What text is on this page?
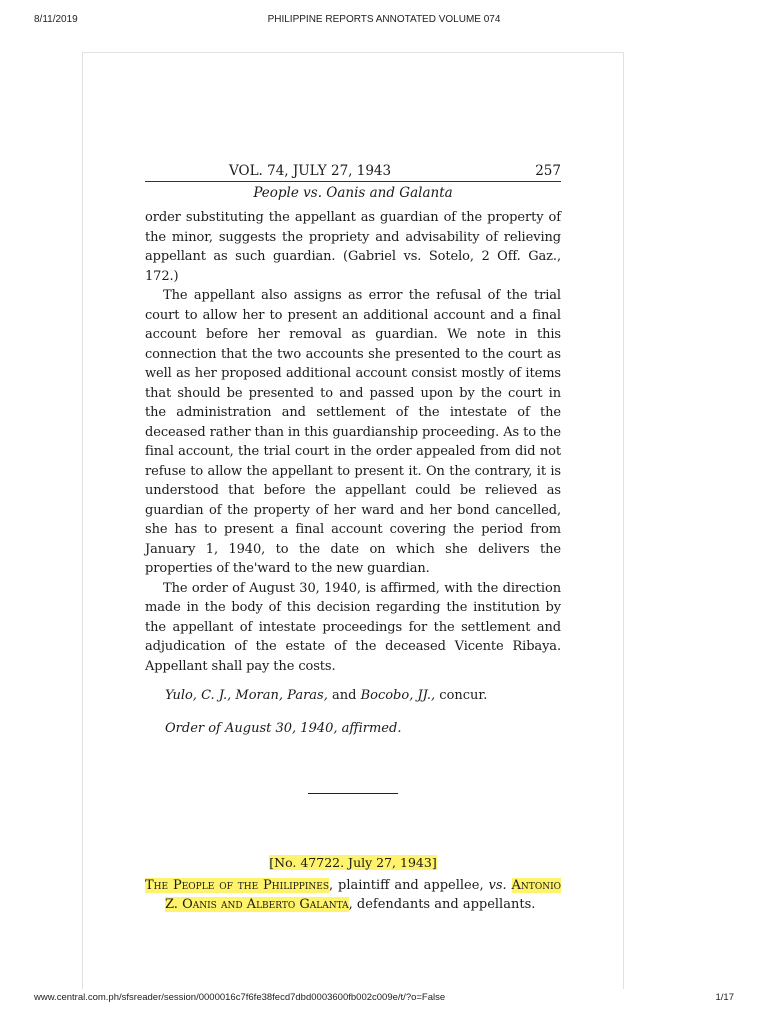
8/11/2019	PHILIPPINE REPORTS ANNOTATED VOLUME 074
VOL. 74, JULY 27, 1943	257
People vs. Oanis and Galanta

order substituting the appellant as guardian of the property of the minor, suggests the propriety and advisability of relieving appellant as such guardian. (Gabriel vs. Sotelo, 2 Off. Gaz., 172.)

The appellant also assigns as error the refusal of the trial court to allow her to present an additional account and a final account before her removal as guardian. We note in this connection that the two accounts she presented to the court as well as her proposed additional account consist mostly of items that should be presented to and passed upon by the court in the administration and settlement of the intestate of the deceased rather than in this guardianship proceeding. As to the final account, the trial court in the order appealed from did not refuse to allow the appellant to present it. On the contrary, it is understood that before the appellant could be relieved as guardian of the property of her ward and her bond cancelled, she has to present a final account covering the period from January 1, 1940, to the date on which she delivers the properties of the'ward to the new guardian.

The order of August 30, 1940, is affirmed, with the direction made in the body of this decision regarding the institution by the appellant of intestate proceedings for the settlement and adjudication of the estate of the deceased Vicente Ribaya. Appellant shall pay the costs.

Yulo, C. J., Moran, Paras, and Bocobo, JJ., concur.
Order of August 30, 1940, affirmed.
[No. 47722. July 27, 1943]
The People of the Philippines, plaintiff and appellee, vs. Antonio Z. Oanis and Alberto Galanta, defendants and appellants.
www.central.com.ph/sfsreader/session/0000016c7f6fe38fecd7dbd0003600fb002c009e/t/?o=False	1/17
